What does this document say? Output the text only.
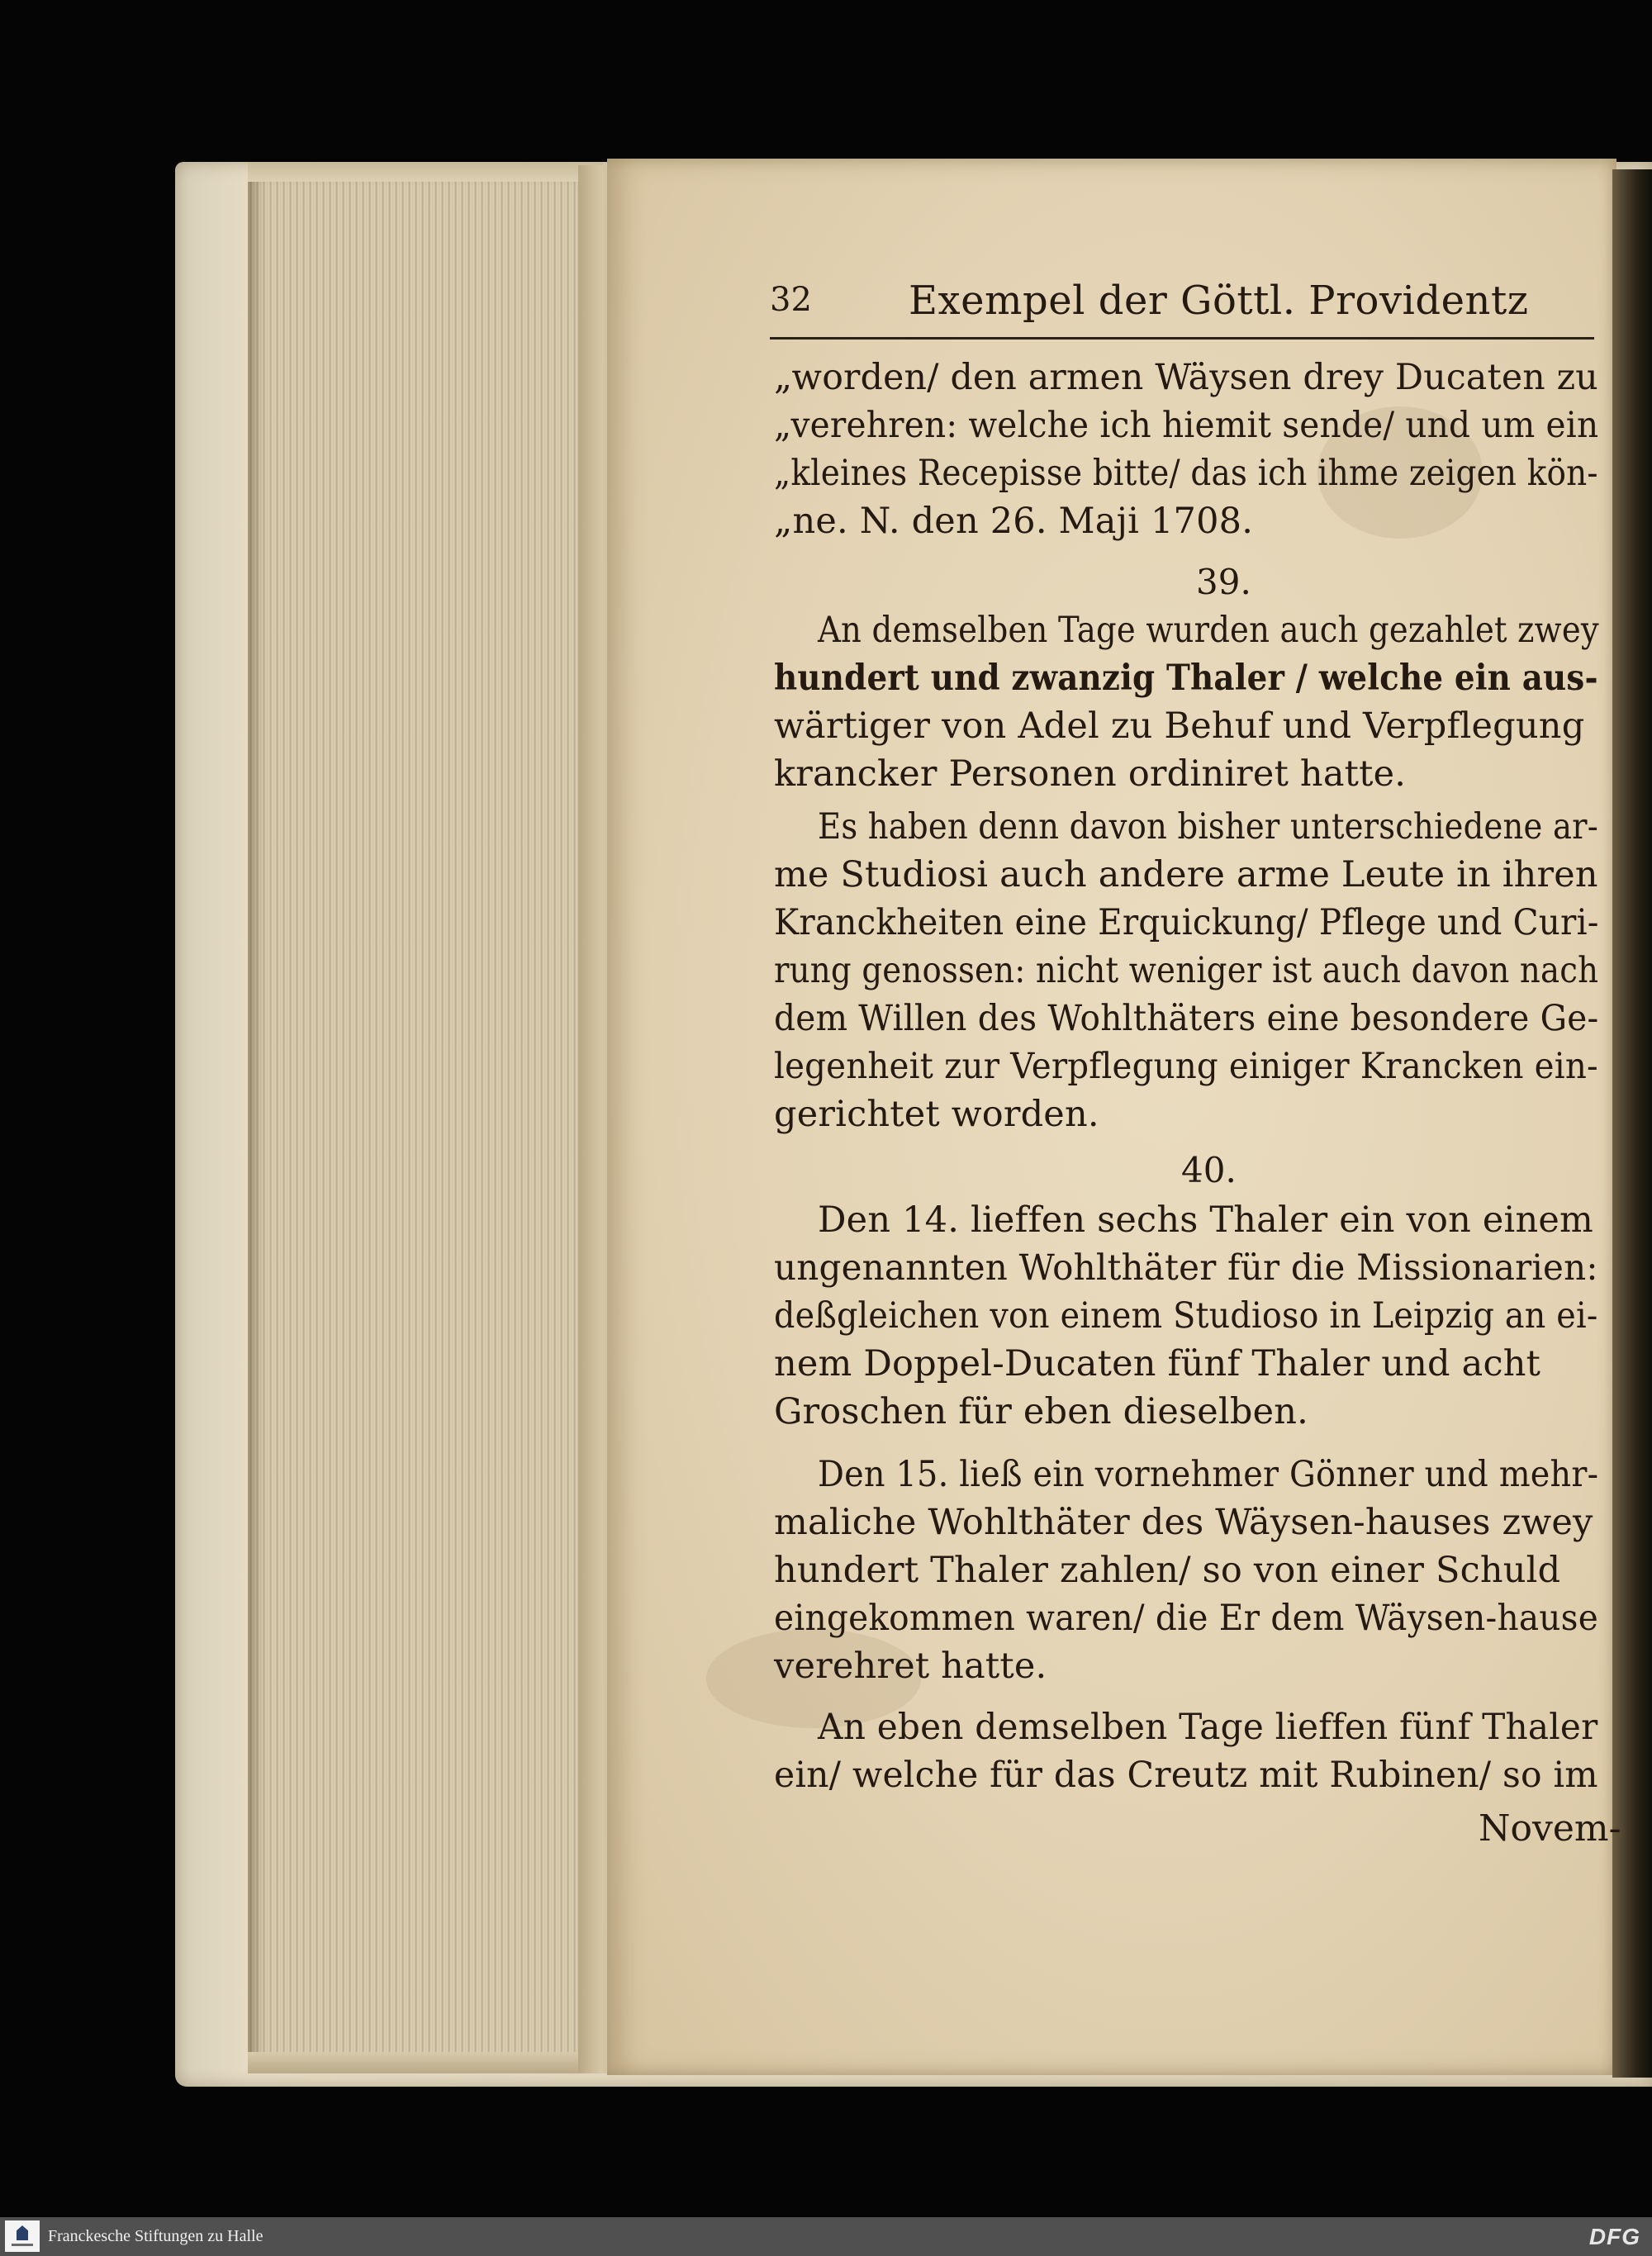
32 Exempel der Göttl. Providentz
„worden/ den armen Wäysen drey Ducaten zu
„verehren: welche ich hiemit sende/ und um ein
„kleines Recepisse bitte/ das ich ihme zeigen kön-
„ne. N. den 26. Maji 1708.
39.
An demselben Tage wurden auch gezahlet zwey
hundert und zwanzig Thaler / welche ein aus-
wärtiger von Adel zu Behuf und Verpflegung
krancker Personen ordiniret hatte.
Es haben denn davon bisher unterschiedene ar-
me Studiosi auch andere arme Leute in ihren
Kranckheiten eine Erquickung/ Pflege und Curi-
rung genossen: nicht weniger ist auch davon nach
dem Willen des Wohlthäters eine besondere Ge-
legenheit zur Verpflegung einiger Krancken ein-
gerichtet worden.
40.
Den 14. lieffen sechs Thaler ein von einem
ungenannten Wohlthäter für die Missionarien:
deßgleichen von einem Studioso in Leipzig an ei-
nem Doppel-Ducaten fünf Thaler und acht
Groschen für eben dieselben.
Den 15. ließ ein vornehmer Gönner und mehr-
maliche Wohlthäter des Wäysen-hauses zwey
hundert Thaler zahlen/ so von einer Schuld
eingekommen waren/ die Er dem Wäysen-hause
verehret hatte.
An eben demselben Tage lieffen fünf Thaler
ein/ welche für das Creutz mit Rubinen/ so im
Novem-
Franckesche Stiftungen zu Halle	DFG
